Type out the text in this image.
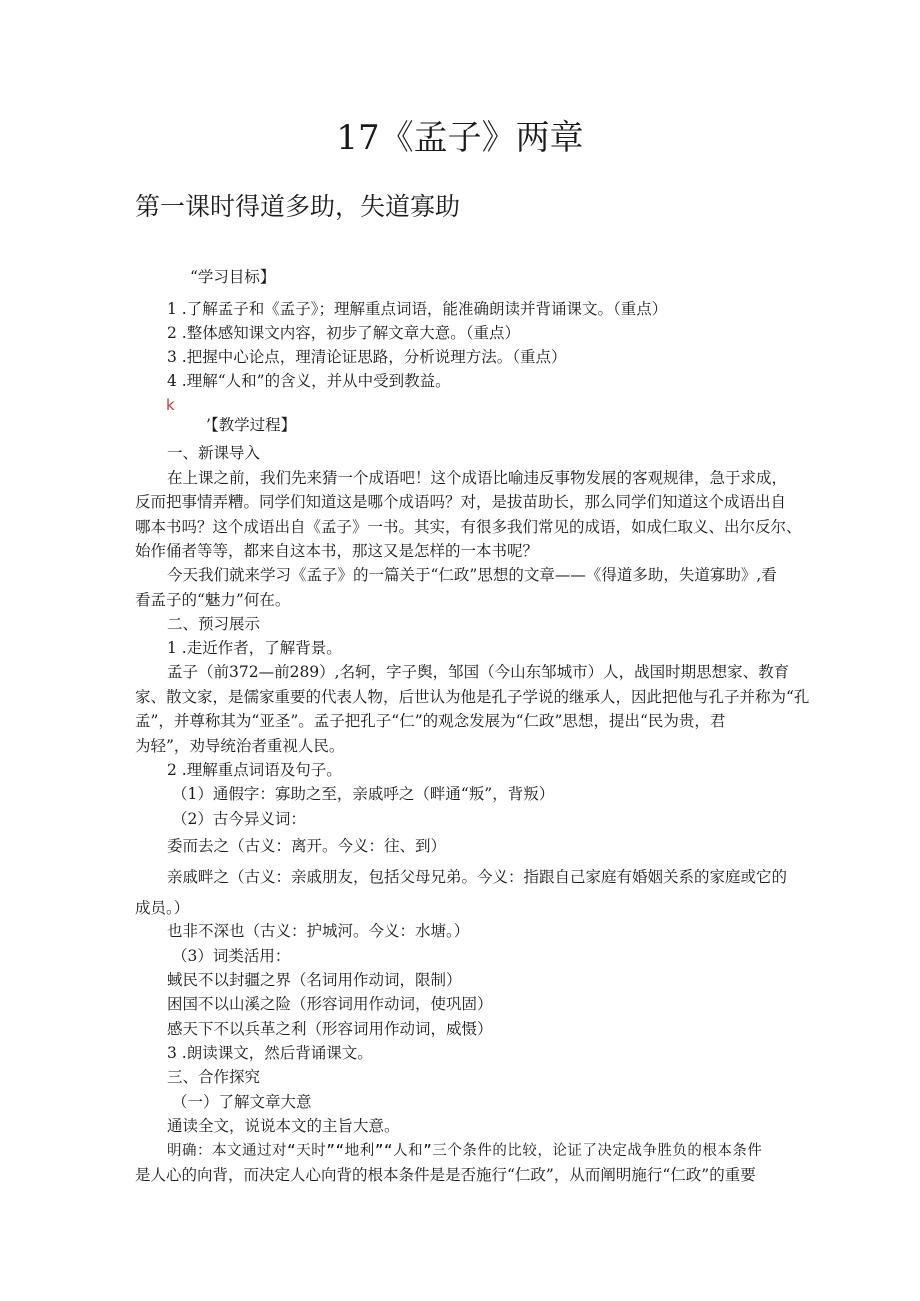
17《孟子》两章
第一课时得道多助，失道寡助
“学习目标】
1 .了解孟子和《孟子》；理解重点词语，能准确朗读并背诵课文。（重点）
2 .整体感知课文内容，初步了解文章大意。（重点）
3 .把握中心论点，理清论证思路，分析说理方法。（重点）
4 .理解“人和”的含义，并从中受到教益。
k
’【教学过程】
一、新课导入
在上课之前，我们先来猜一个成语吧！这个成语比喻违反事物发展的客观规律，急于求成，
反而把事情弄糟。同学们知道这是哪个成语吗？对，是拔苗助长，那么同学们知道这个成语出自
哪本书吗？这个成语出自《孟子》一书。其实，有很多我们常见的成语，如成仁取义、出尔反尔、
始作俑者等等，都来自这本书，那这又是怎样的一本书呢？
今天我们就来学习《孟子》的一篇关于“仁政”思想的文章——《得道多助，失道寡助》,看
看孟子的“魅力”何在。
二、预习展示
1 .走近作者，了解背景。
孟子（前372—前289）,名轲，字子舆，邹国（今山东邹城市）人，战国时期思想家、教育
家、散文家，是儒家重要的代表人物，后世认为他是孔子学说的继承人，因此把他与孔子并称为“孔
孟”，并尊称其为“亚圣”。孟子把孔子“仁”的观念发展为“仁政”思想，提出“民为贵，君
为轻”，劝导统治者重视人民。
2 .理解重点词语及句子。
（1）通假字：寡助之至，亲戚呼之（畔通“叛”，背叛）
（2）古今异义词：
委而去之（古义：离开。今义：往、到）
亲戚畔之（古义：亲戚朋友，包括父母兄弟。今义：指跟自己家庭有婚姻关系的家庭或它的
成员。）
也非不深也（古义：护城河。今义：水塘。）
（3）词类活用：
蜮民不以封疆之界（名词用作动词，限制）
困国不以山溪之险（形容词用作动词，使巩固）
感天下不以兵革之利（形容词用作动词，威慑）
3 .朗读课文，然后背诵课文。
三、合作探究
（一）了解文章大意
通读全文，说说本文的主旨大意。
明确：本文通过对“天时”“地利”“人和”三个条件的比较，论证了决定战争胜负的根本条件
是人心的向背，而决定人心向背的根本条件是是否施行“仁政”，从而阐明施行“仁政”的重要
